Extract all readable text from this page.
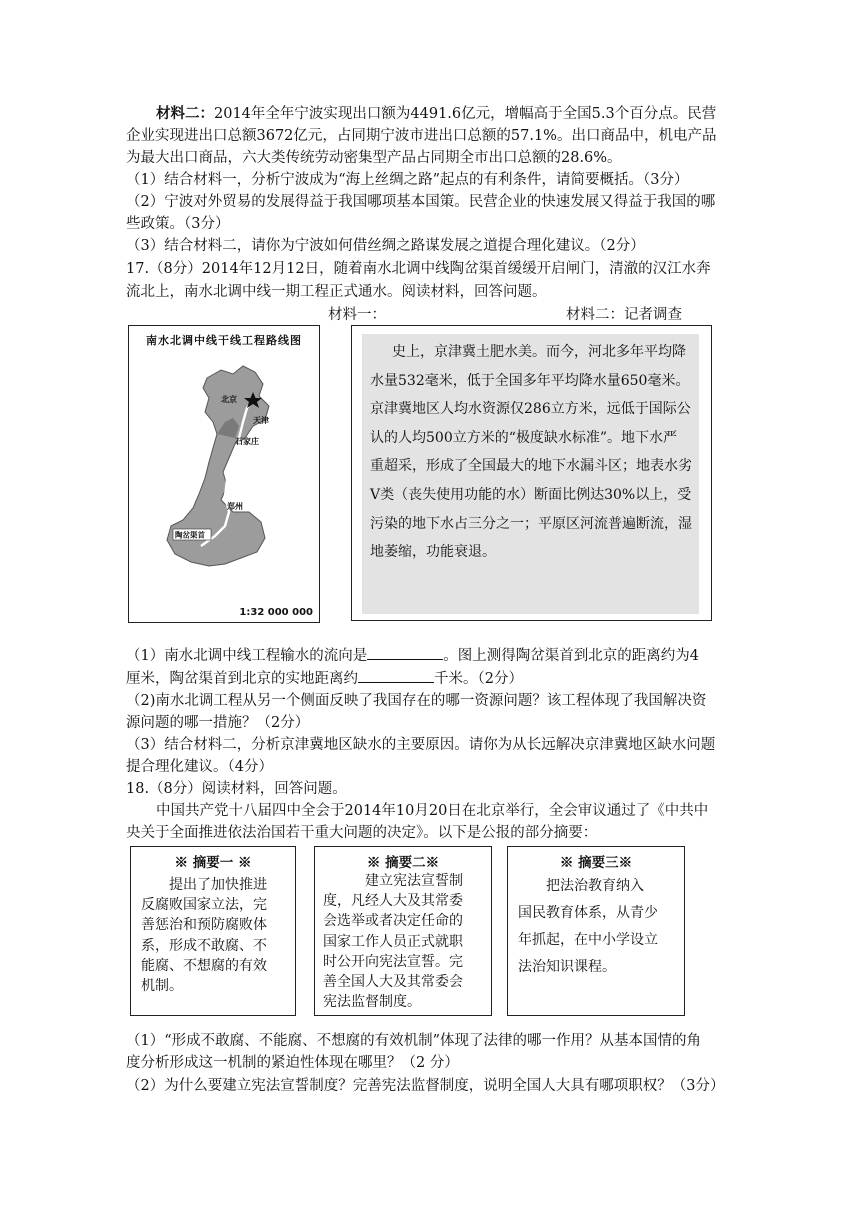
材料二：2014年全年宁波实现出口额为4491.6亿元，增幅高于全国5.3个百分点。民营
企业实现进出口总额3672亿元，占同期宁波市进出口总额的57.1%。出口商品中，机电产品
为最大出口商品，六大类传统劳动密集型产品占同期全市出口总额的28.6%。
（1）结合材料一，分析宁波成为“海上丝绸之路”起点的有利条件，请简要概括。（3分）
（2）宁波对外贸易的发展得益于我国哪项基本国策。民营企业的快速发展又得益于我国的哪
些政策。（3分）
（3）结合材料二，请你为宁波如何借丝绸之路谋发展之道提合理化建议。（2分）
17.（8分）2014年12月12日，随着南水北调中线陶岔渠首缓缓开启闸门，清澈的汉江水奔
流北上，南水北调中线一期工程正式通水。阅读材料，回答问题。
材料一：	材料二：记者调查
北京
天津
石家庄
郑州
陶岔渠首
南水北调中线干线工程路线图
1:32 000 000
史上，京津冀土肥水美。而今，河北多年平均降
水量532毫米，低于全国多年平均降水量650毫米。
京津冀地区人均水资源仅286立方米，远低于国际公
认的人均500立方米的“极度缺水标准”。地下水严
重超采，形成了全国最大的地下水漏斗区；地表水劣
Ⅴ类（丧失使用功能的水）断面比例达30%以上，受
污染的地下水占三分之一；平原区河流普遍断流，湿
地萎缩，功能衰退。
（1）南水北调中线工程输水的流向是	。图上测得陶岔渠首到北京的距离约为4
厘米，陶岔渠首到北京的实地距离约	千米。（2分）
（2)南水北调工程从另一个侧面反映了我国存在的哪一资源问题？该工程体现了我国解决资
源问题的哪一措施？（2分）
（3）结合材料二，分析京津冀地区缺水的主要原因。请你为从长远解决京津冀地区缺水问题
提合理化建议。（4分）
18.（8分）阅读材料，回答问题。
中国共产党十八届四中全会于2014年10月20日在北京举行，全会审议通过了《中共中
央关于全面推进依法治国若干重大问题的决定》。以下是公报的部分摘要：
※ 摘要一 ※
提出了加快推进
反腐败国家立法，完
善惩治和预防腐败体
系，形成不敢腐、不
能腐、不想腐的有效
机制。
※ 摘要二※
建立宪法宣誓制
度，凡经人大及其常委
会选举或者决定任命的
国家工作人员正式就职
时公开向宪法宣誓。完
善全国人大及其常委会
宪法监督制度。
※ 摘要三※
把法治教育纳入
国民教育体系，从青少
年抓起，在中小学设立
法治知识课程。
（1）“形成不敢腐、不能腐、不想腐的有效机制”体现了法律的哪一作用？从基本国情的角
度分析形成这一机制的紧迫性体现在哪里？（2 分）
（2）为什么要建立宪法宣誓制度？完善宪法监督制度，说明全国人大具有哪项职权？（3分）
